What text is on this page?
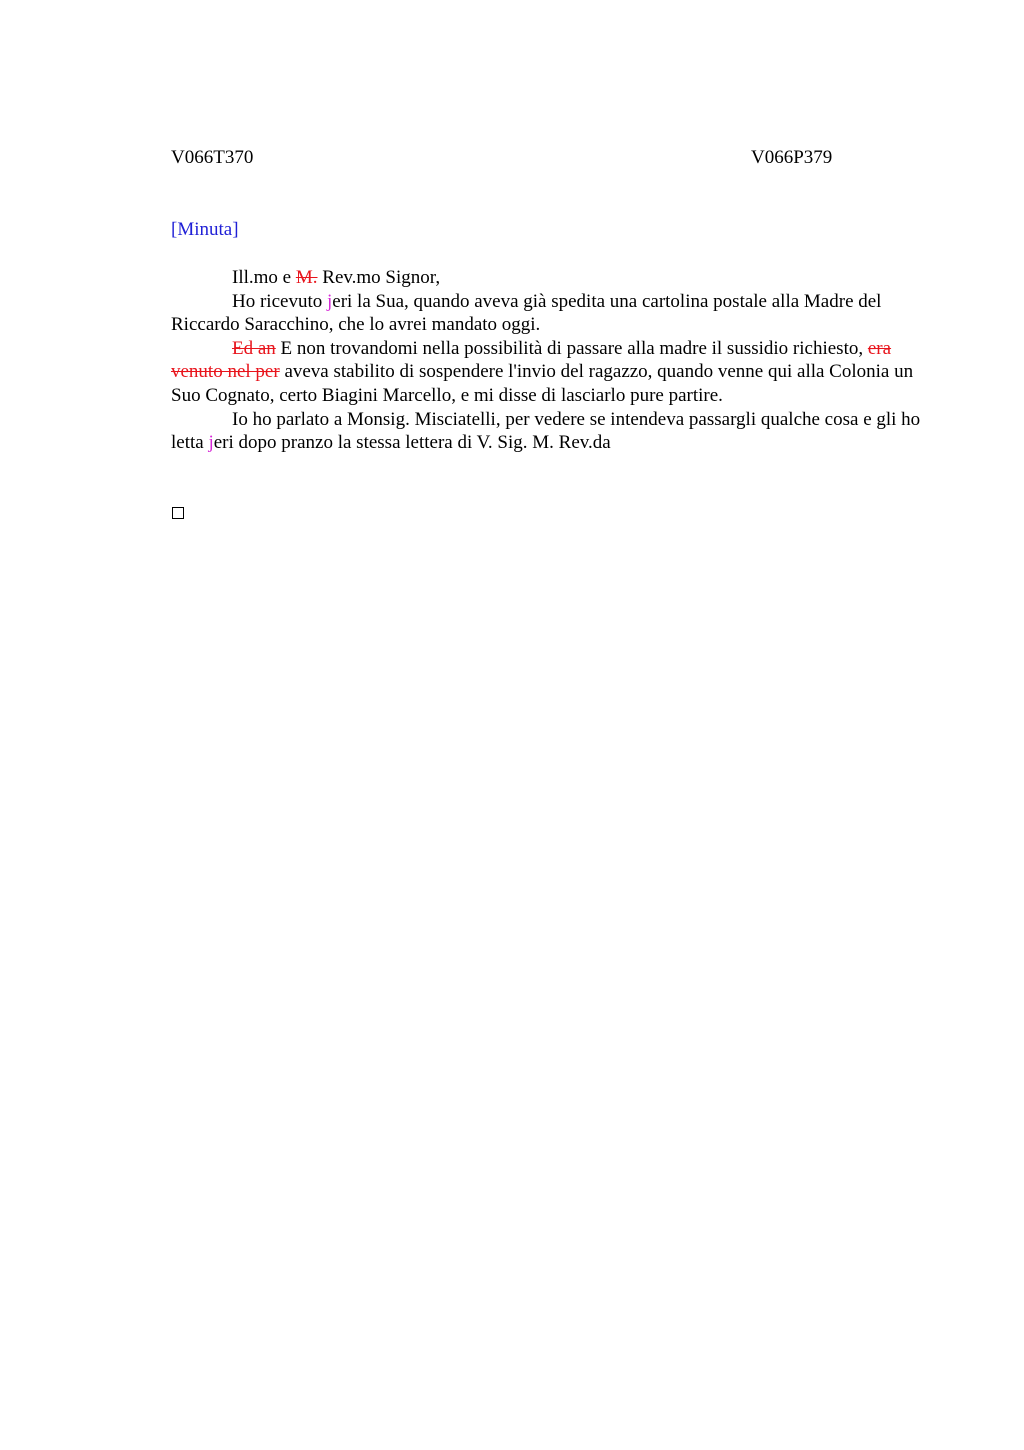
V066T370	V066P379
[Minuta]

Ill.mo e M. Rev.mo Signor,

Ho ricevuto jeri la Sua, quando aveva già spedita una cartolina postale alla Madre del Riccardo Saracchino, che lo avrei mandato oggi.

Ed an E non trovandomi nella possibilità di passare alla madre il sussidio richiesto, era venuto nel per aveva stabilito di sospendere l'invio del ragazzo, quando venne qui alla Colonia un Suo Cognato, certo Biagini Marcello, e mi disse di lasciarlo pure partire.

Io ho parlato a Monsig. Misciatelli, per vedere se intendeva passargli qualche cosa e gli ho letta jeri dopo pranzo la stessa lettera di V. Sig. M. Rev.da
